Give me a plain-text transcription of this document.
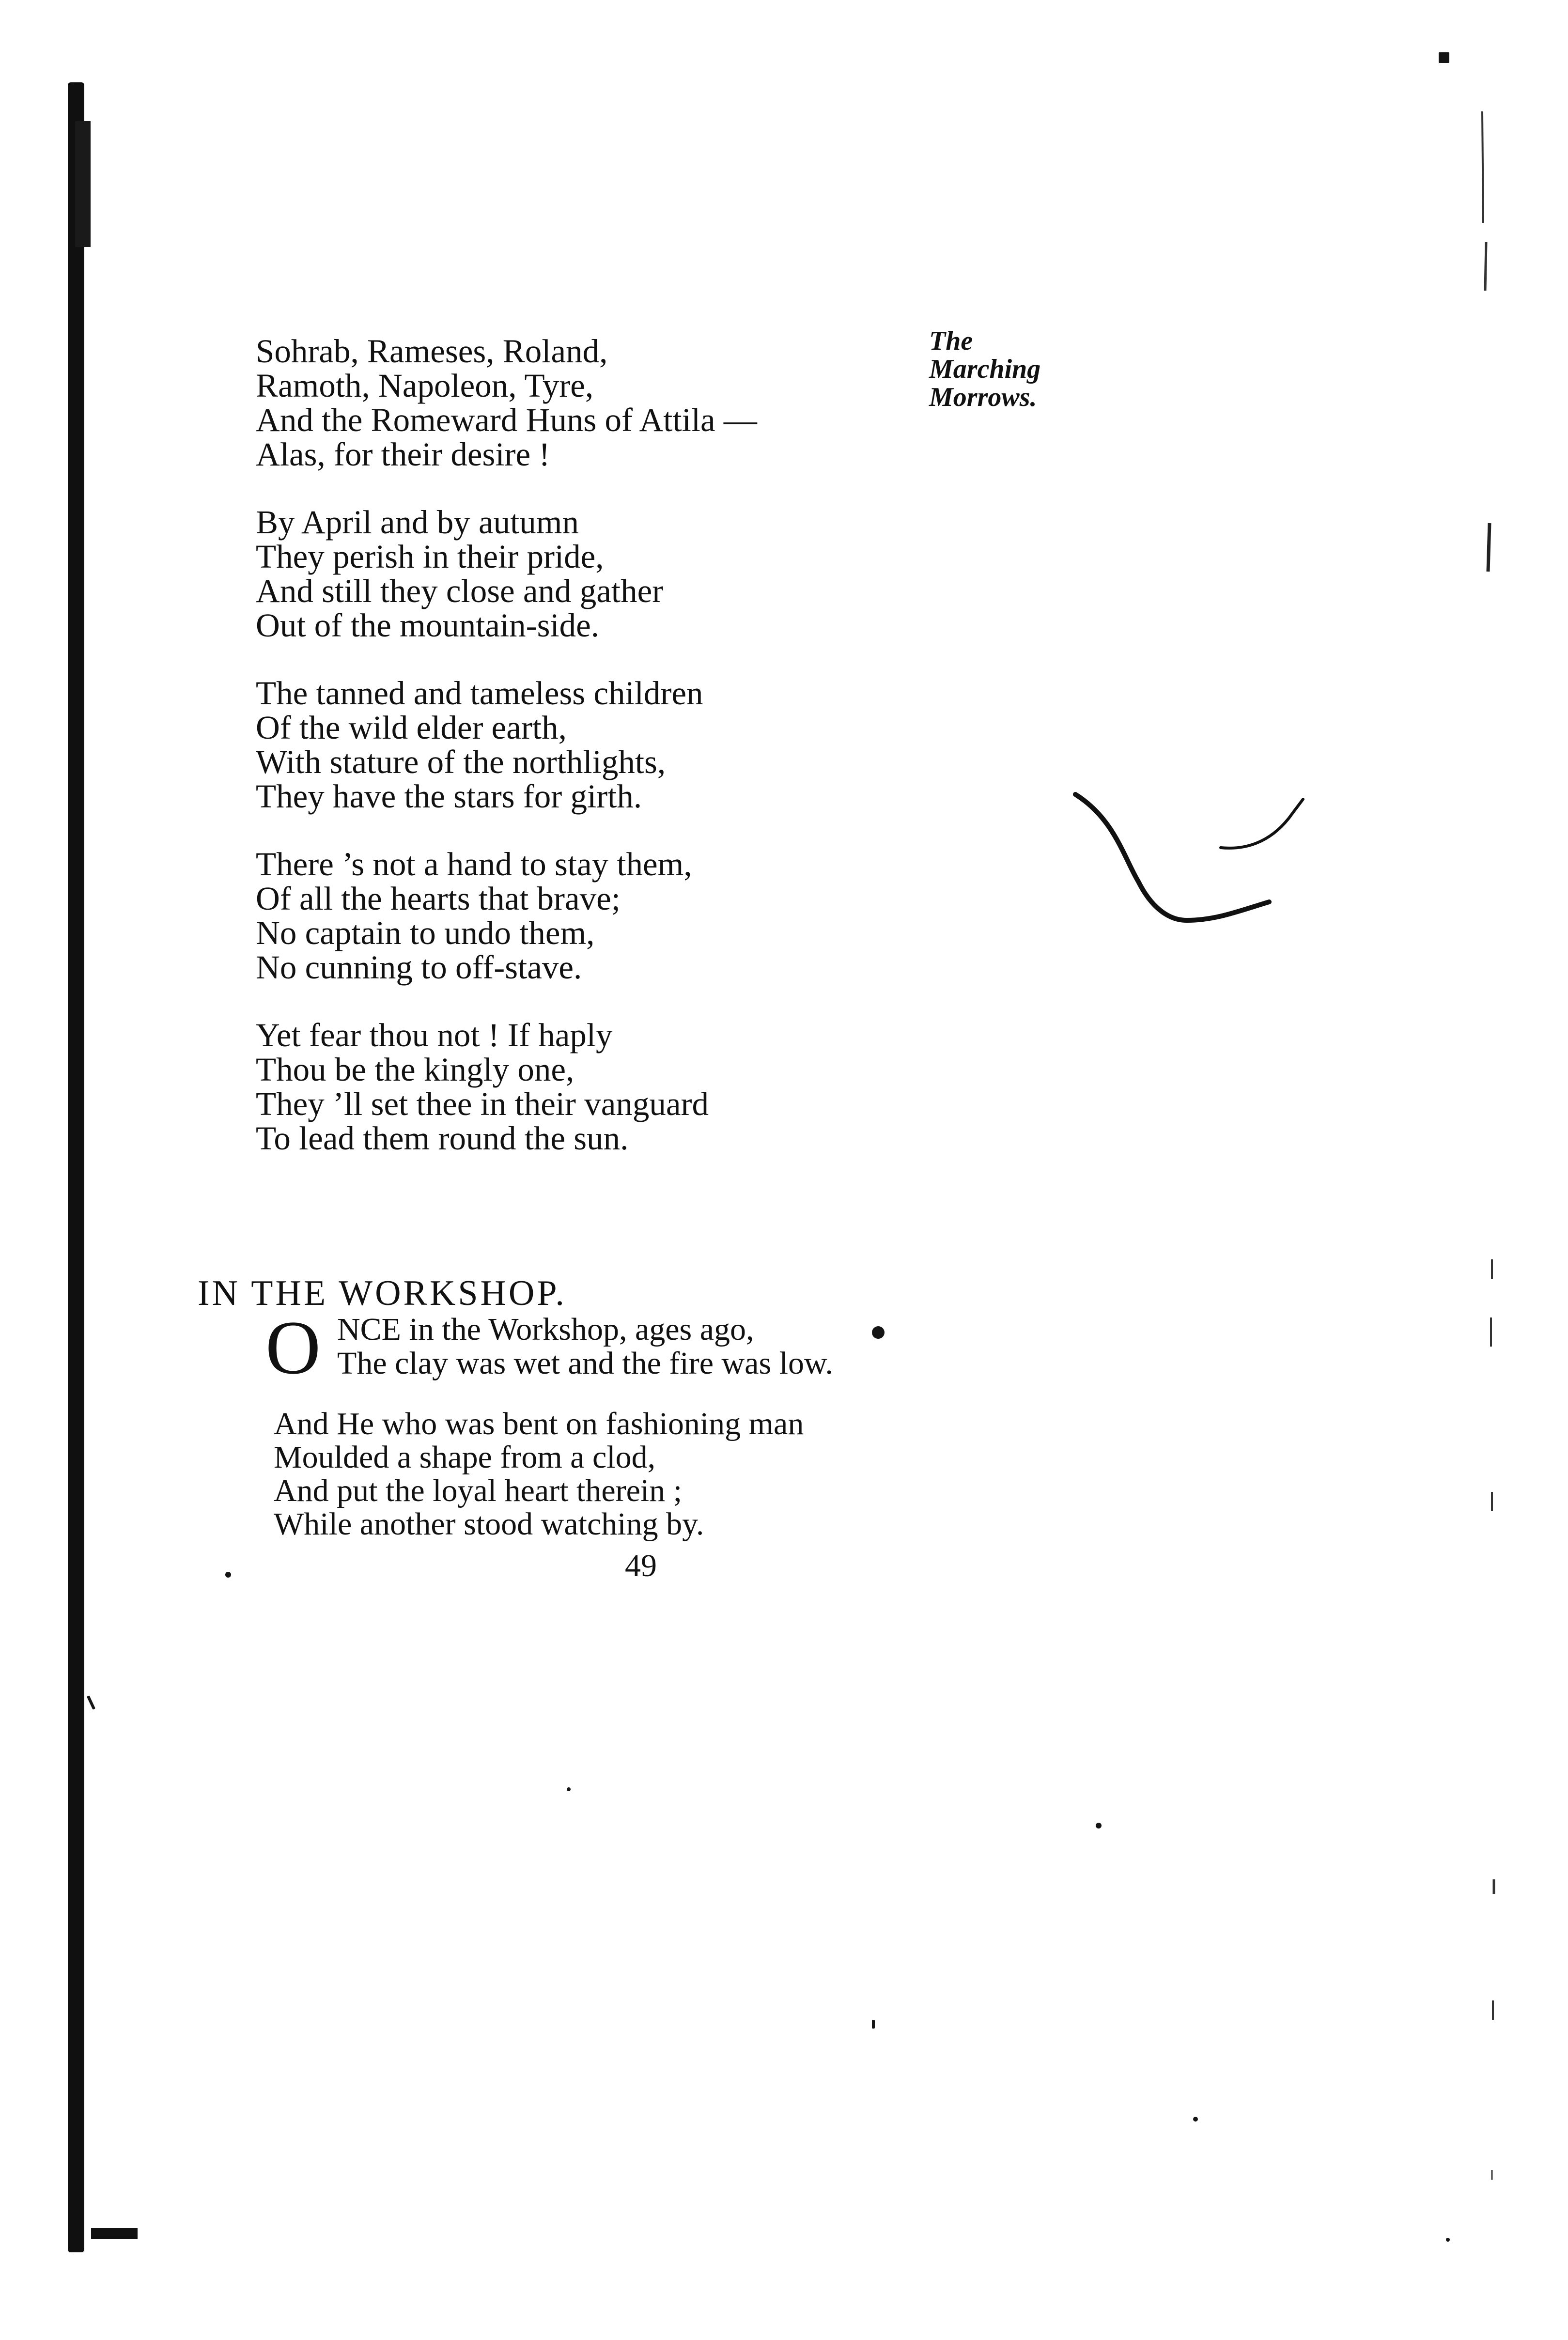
The
Marching
Morrows.

Sohrab, Rameses, Roland,

Ramoth, Napoleon, Tyre,

And the Romeward Huns of Attila —

Alas, for their desire !

By April and by autumn

They perish in their pride,

And still they close and gather

Out of the mountain-side.

The tanned and tameless children

Of the wild elder earth,

With stature of the northlights,

They have the stars for girth.

There ’s not a hand to stay them,

Of all the hearts that brave;

No captain to undo them,

No cunning to off-stave.

Yet fear thou not ! If haply

Thou be the kingly one,

They ’ll set thee in their vanguard

To lead them round the sun.

IN THE WORKSHOP.
O NCE in the Workshop, ages ago,
The clay was wet and the fire was low.

And He who was bent on fashioning man

Moulded a shape from a clod,

And put the loyal heart therein ;

While another stood watching by.

49
